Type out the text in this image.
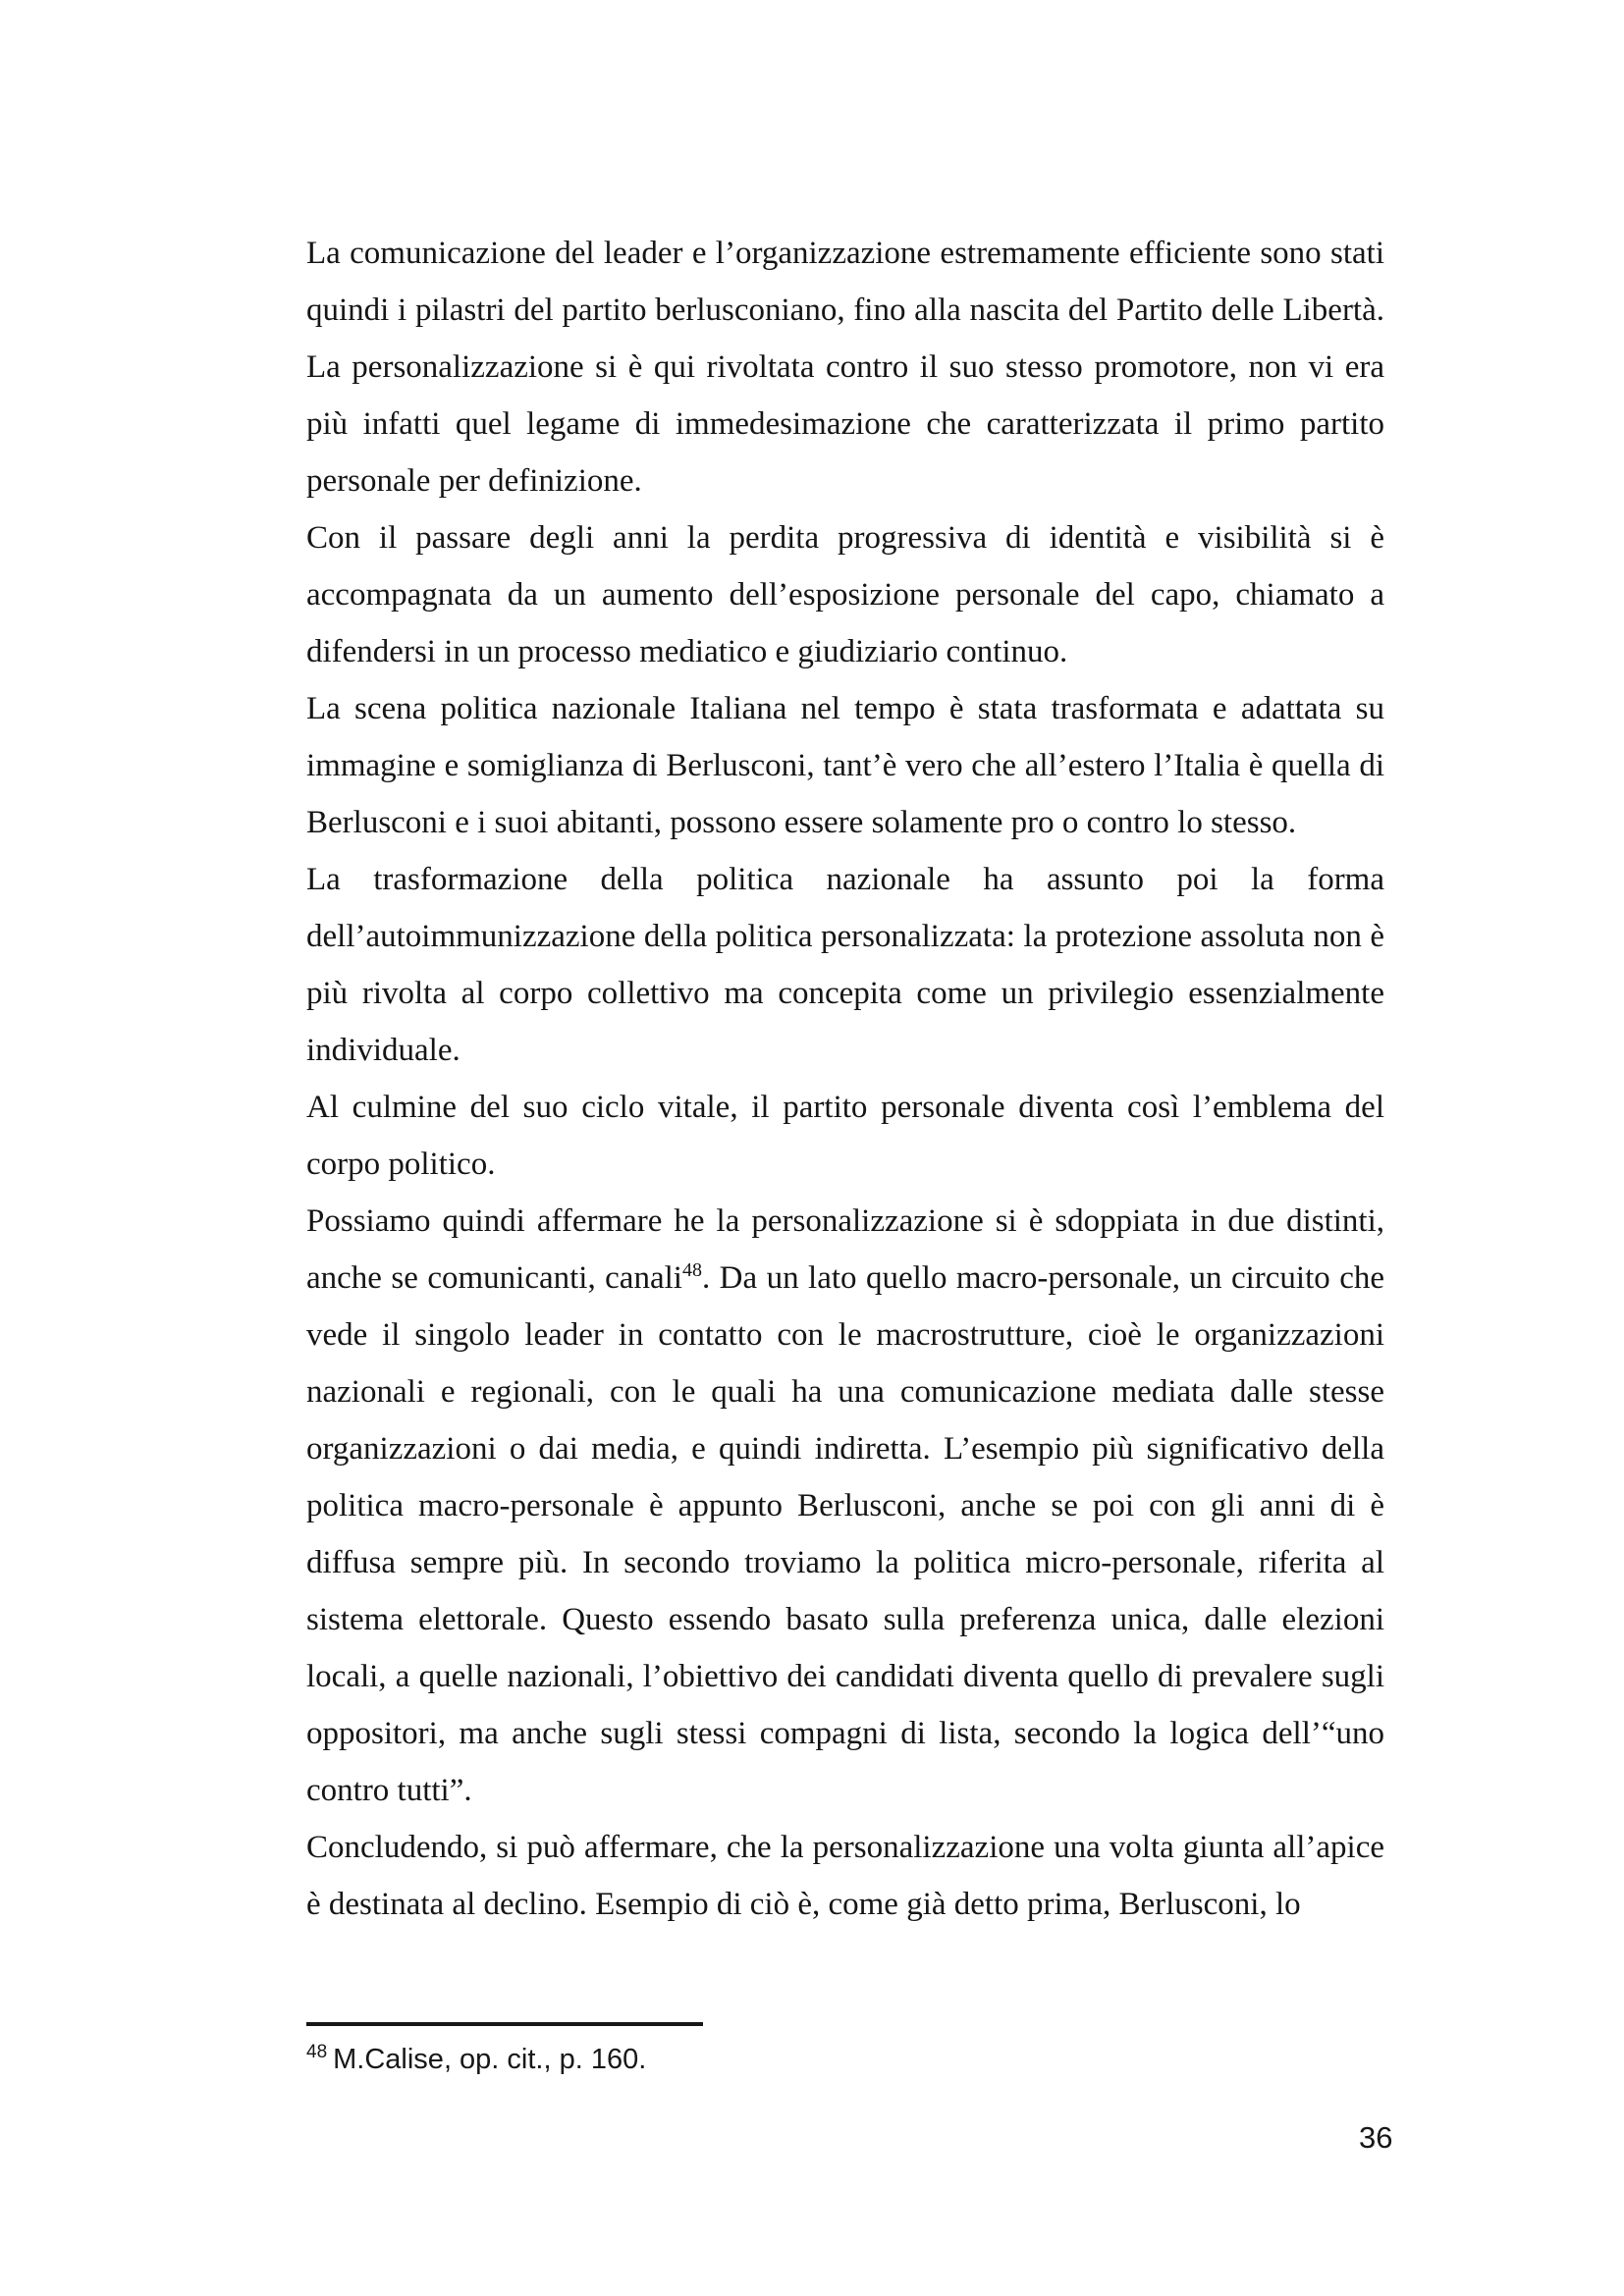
La comunicazione del leader e l’organizzazione estremamente efficiente sono stati quindi i pilastri del partito berlusconiano, fino alla nascita del Partito delle Libertà. La personalizzazione si è qui rivoltata contro il suo stesso promotore, non vi era più infatti quel legame di immedesimazione che caratterizzata il primo partito personale per definizione.

Con il passare degli anni la perdita progressiva di identità e visibilità si è accompagnata da un aumento dell’esposizione personale del capo, chiamato a difendersi in un processo mediatico e giudiziario continuo.

La scena politica nazionale Italiana nel tempo è stata trasformata e adattata su immagine e somiglianza di Berlusconi, tant’è vero che all’estero l’Italia è quella di Berlusconi e i suoi abitanti, possono essere solamente pro o contro lo stesso.

La trasformazione della politica nazionale ha assunto poi la forma dell’autoimmunizzazione della politica personalizzata: la protezione assoluta non è più rivolta al corpo collettivo ma concepita come un privilegio essenzialmente individuale.

Al culmine del suo ciclo vitale, il partito personale diventa così l’emblema del corpo politico.

Possiamo quindi affermare he la personalizzazione si è sdoppiata in due distinti, anche se comunicanti, canali$^{48}$. Da un lato quello macro-personale, un circuito che vede il singolo leader in contatto con le macrostrutture, cioè le organizzazioni nazionali e regionali, con le quali ha una comunicazione mediata dalle stesse organizzazioni o dai media, e quindi indiretta. L’esempio più significativo della politica macro-personale è appunto Berlusconi, anche se poi con gli anni di è diffusa sempre più. In secondo troviamo la politica micro-personale, riferita al sistema elettorale. Questo essendo basato sulla preferenza unica, dalle elezioni locali, a quelle nazionali, l’obiettivo dei candidati diventa quello di prevalere sugli oppositori, ma anche sugli stessi compagni di lista, secondo la logica dell’“uno contro tutti”.

Concludendo, si può affermare, che la personalizzazione una volta giunta all’apice è destinata al declino. Esempio di ciò è, come già detto prima, Berlusconi, lo

$^{48}$ M.Calise, op. cit., p. 160.
36
